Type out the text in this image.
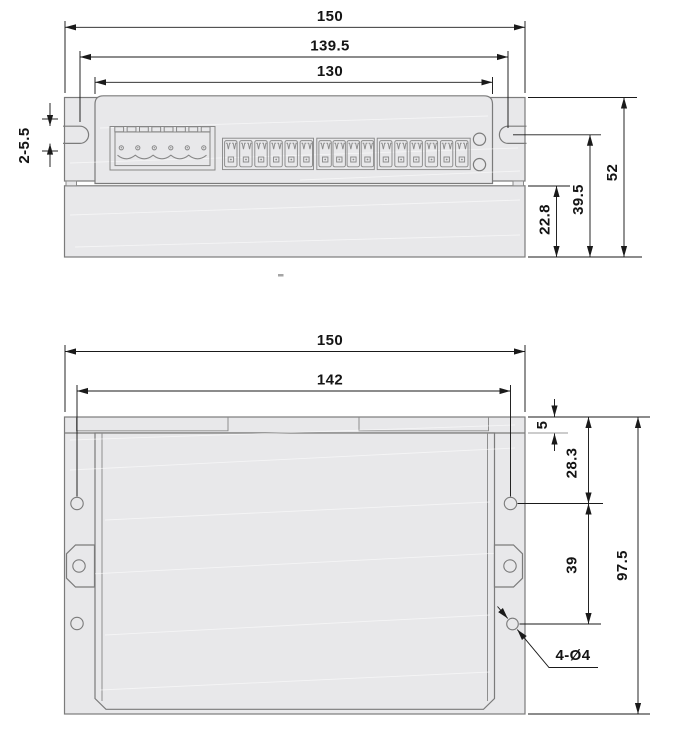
150
139.5
130
2-5.5
22.8
39.5
52
150
142
5
28.3
39 97.5
4-Ø4
